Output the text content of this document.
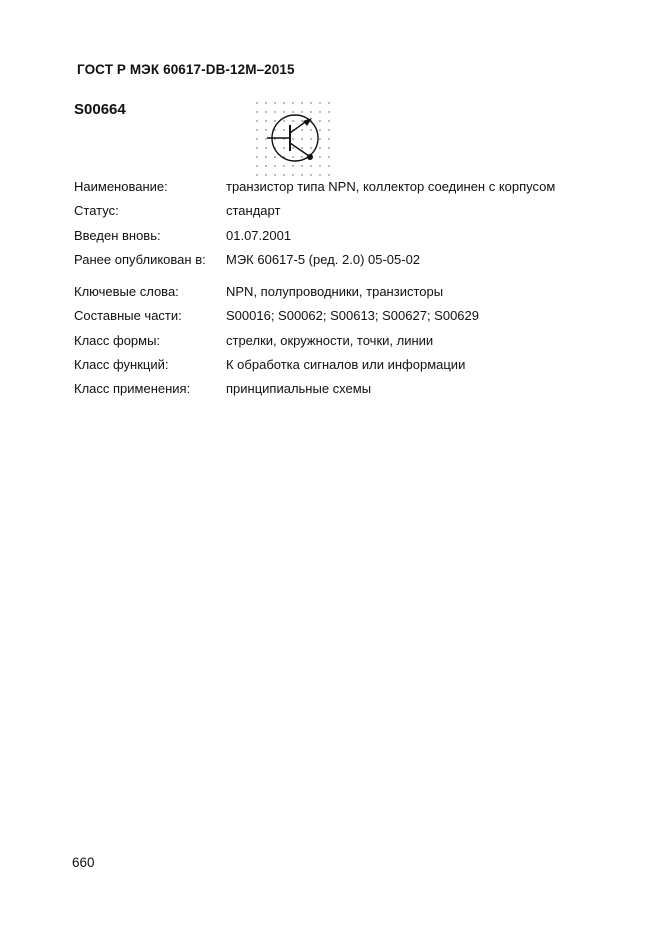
ГОСТ Р МЭК 60617-DB-12M–2015
S00664
Наименование:	транзистор типа NPN, коллектор соединен с корпусом
Статус:	стандарт
Введен вновь:	01.07.2001
Ранее опубликован в: МЭК 60617-5 (ред. 2.0) 05-05-02
Ключевые слова:	NPN, полупроводники, транзисторы
Составные части:	S00016; S00062; S00613; S00627; S00629
Класс формы:	стрелки, окружности, точки, линии
Класс функций:	К обработка сигналов или информации
Класс применения:	принципиальные схемы
660
